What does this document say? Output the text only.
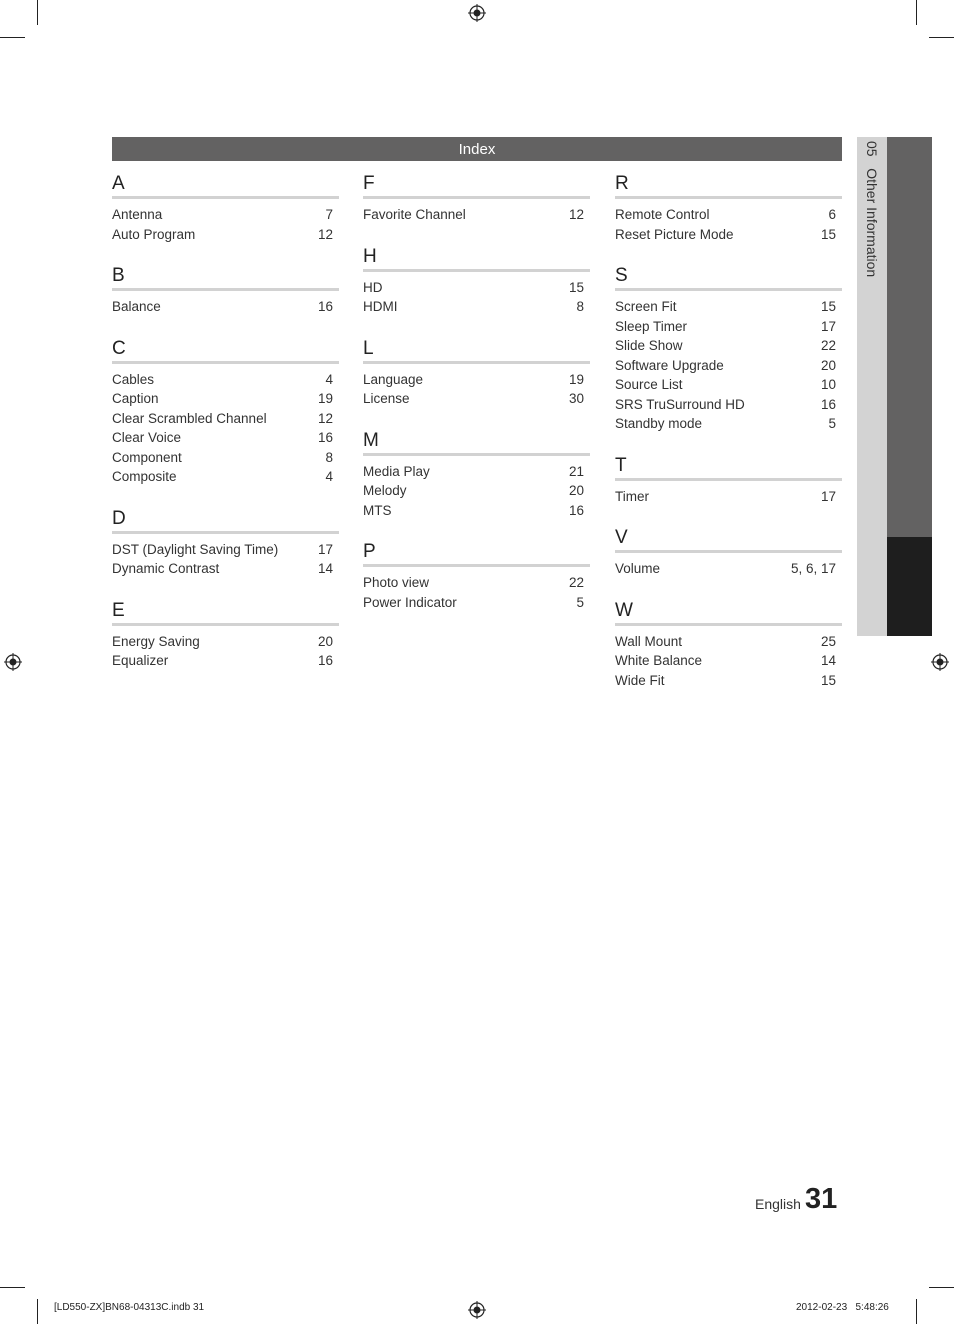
Index
A
Antenna	7
Auto Program	12
B
Balance	16
C
Cables	4
Caption	19
Clear Scrambled Channel	12
Clear Voice	16
Component	8
Composite	4
D
DST (Daylight Saving Time)	17
Dynamic Contrast	14
E
Energy Saving	20
Equalizer	16
F
Favorite Channel	12
H
HD	15
HDMI	8
L
Language	19
License	30
M
Media Play	21
Melody	20
MTS	16
P
Photo view	22
Power Indicator	5
R
Remote Control	6
Reset Picture Mode	15
S
Screen Fit	15
Sleep Timer	17
Slide Show	22
Software Upgrade	20
Source List	10
SRS TruSurround HD	16
Standby mode	5
T
Timer	17
V
Volume	5, 6, 17
W
Wall Mount	25
White Balance	14
Wide Fit	15
05   Other Information
English 31
[LD550-ZX]BN68-04313C.indb 31	2012-02-23   5:48:26
